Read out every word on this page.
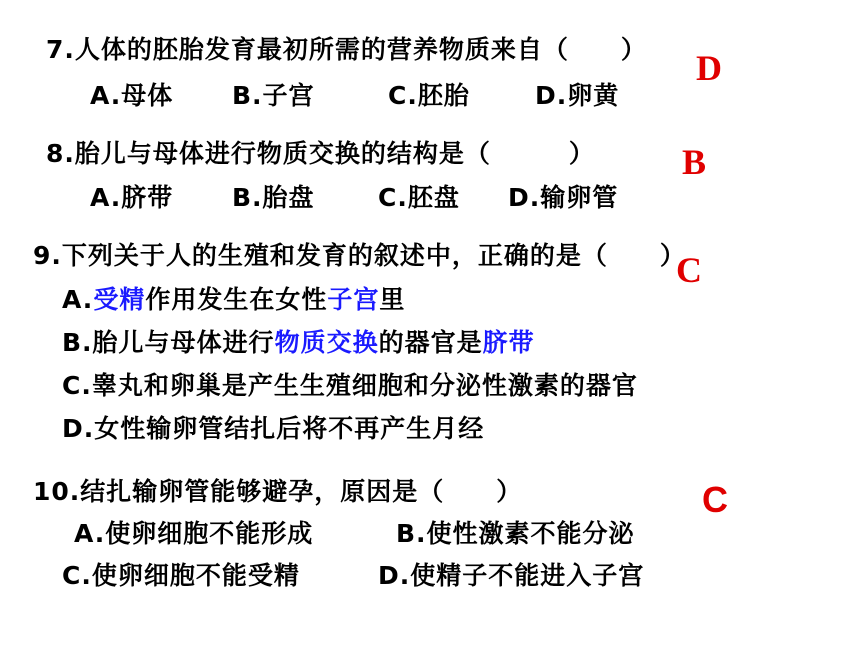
7.人体的胚胎发育最初所需的营养物质来自（　　）
A.母体 B.子宫	C.胚胎	D.卵黄
D
8.胎儿与母体进行物质交换的结构是（　　　）
A.脐带 B.胎盘	C.胚盘 D.输卵管
B
9.下列关于人的生殖和发育的叙述中，正确的是（　　）
C
A.受精作用发生在女性子宫里
B.胎儿与母体进行物质交换的器官是脐带
C.睾丸和卵巢是产生生殖细胞和分泌性激素的器官
D.女性输卵管结扎后将不再产生月经
10.结扎输卵管能够避孕，原因是（　　）	C
A.使卵细胞不能形成	B.使性激素不能分泌
C.使卵细胞不能受精	D.使精子不能进入子宫
